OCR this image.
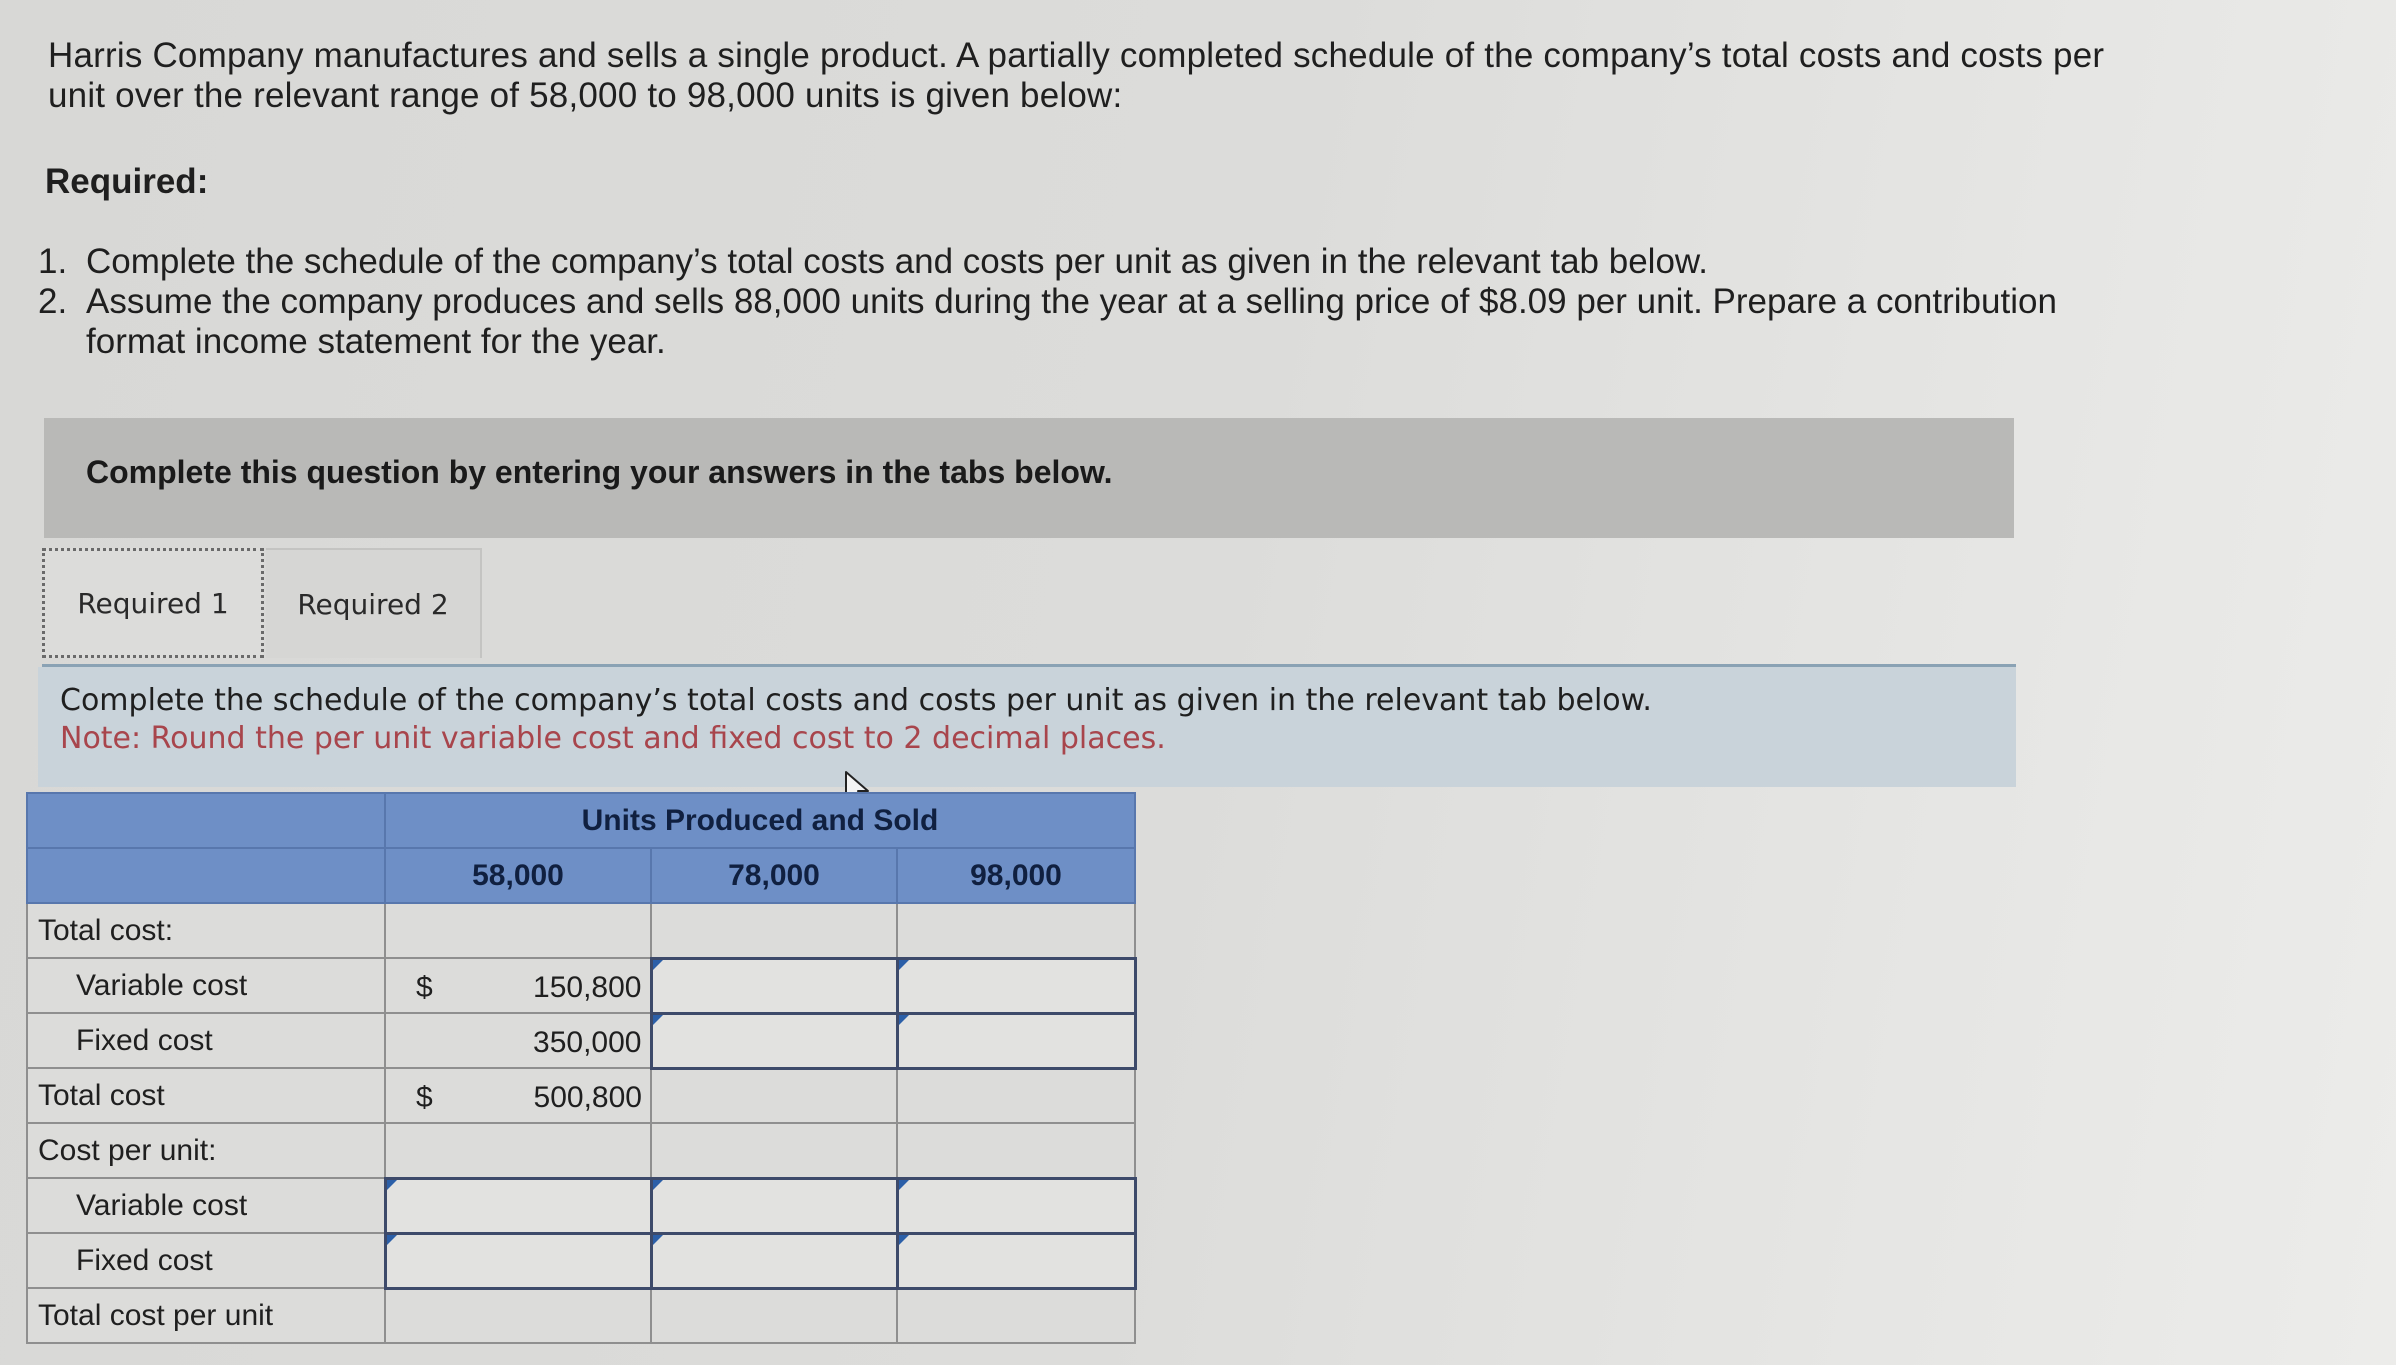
Harris Company manufactures and sells a single product. A partially completed schedule of the company’s total costs and costs per
unit over the relevant range of 58,000 to 98,000 units is given below:
Required:
1. Complete the schedule of the company’s total costs and costs per unit as given in the relevant tab below.
2. Assume the company produces and sells 88,000 units during the year at a selling price of $8.09 per unit. Prepare a contribution
format income statement for the year.
Complete this question by entering your answers in the tabs below.
Required 1	Required 2
Complete the schedule of the company’s total costs and costs per unit as given in the relevant tab below.
Note: Round the per unit variable cost and fixed cost to 2 decimal places.
	Units Produced and Sold		
	58,000	78,000	98,000
Total cost:			
Variable cost	$ 150,800		

Fixed cost	350,000		

Total cost	$ 500,800		

Cost per unit:			
Variable cost	

Fixed cost	

Total cost per unit			
